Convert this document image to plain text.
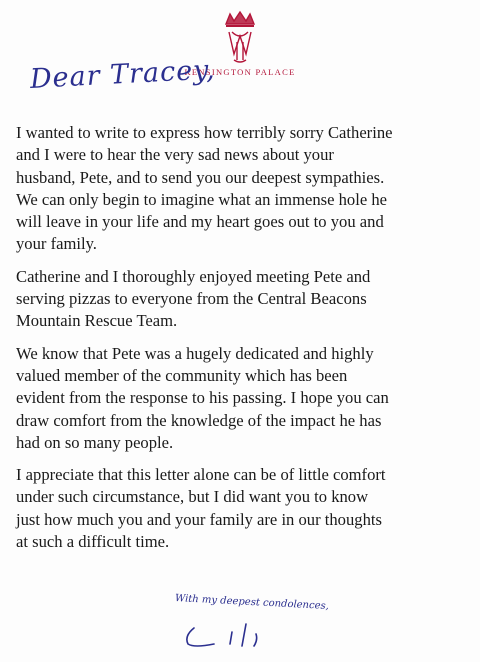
KENSINGTON PALACE
Dear Tracey,

I wanted to write to express how terribly sorry Catherine
and I were to hear the very sad news about your
husband, Pete, and to send you our deepest sympathies.
We can only begin to imagine what an immense hole he
will leave in your life and my heart goes out to you and
your family.

Catherine and I thoroughly enjoyed meeting Pete and
serving pizzas to everyone from the Central Beacons
Mountain Rescue Team.

We know that Pete was a hugely dedicated and highly
valued member of the community which has been
evident from the response to his passing. I hope you can
draw comfort from the knowledge of the impact he has
had on so many people.

I appreciate that this letter alone can be of little comfort
under such circumstance, but I did want you to know
just how much you and your family are in our thoughts
at such a difficult time.

With my deepest condolences,
